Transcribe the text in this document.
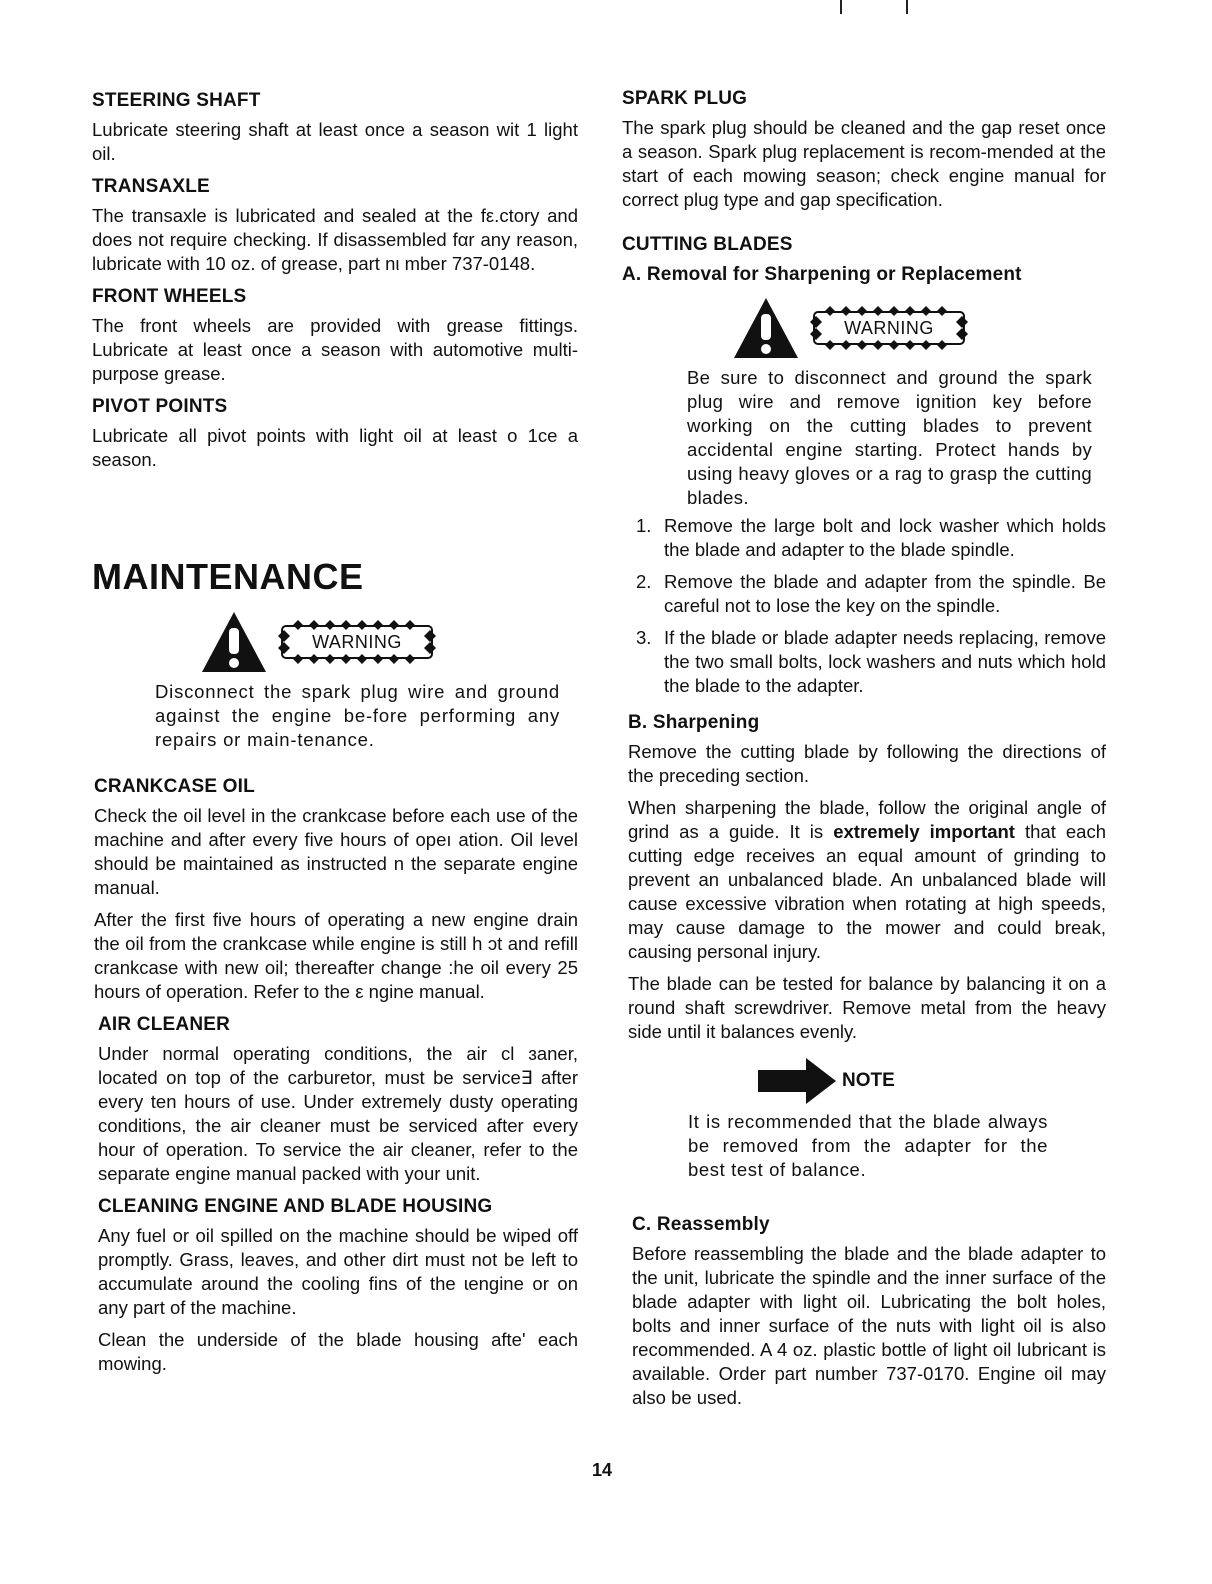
STEERING SHAFT

Lubricate steering shaft at least once a season wit 1 light oil.

TRANSAXLE

The transaxle is lubricated and sealed at the fε.ctory and does not require checking. If disassembled fαr any reason, lubricate with 10 oz. of grease, part nι mber 737-0148.

FRONT WHEELS

The front wheels are provided with grease fittings. Lubricate at least once a season with automotive multi-purpose grease.

PIVOT POINTS

Lubricate all pivot points with light oil at least o 1ce a season.

MAINTENANCE
WARNING

Disconnect the spark plug wire and ground against the engine be-fore performing any repairs or main-tenance.

CRANKCASE OIL

Check the oil level in the crankcase before each use of the machine and after every five hours of opeı ation. Oil level should be maintained as instructed n the separate engine manual.

After the first five hours of operating a new engine drain the oil from the crankcase while engine is still h ɔt and refill crankcase with new oil; thereafter change :he oil every 25 hours of operation. Refer to the ε ngine manual.

AIR CLEANER

Under normal operating conditions, the air cl ɜaner, located on top of the carburetor, must be service∃ after every ten hours of use. Under extremely dusty operating conditions, the air cleaner must be serviced after every hour of operation. To service the air cleaner, refer to the separate engine manual packed with your unit.

CLEANING ENGINE AND BLADE HOUSING

Any fuel or oil spilled on the machine should be wiped off promptly. Grass, leaves, and other dirt must not be left to accumulate around the cooling fins of the ɩengine or on any part of the machine.

Clean the underside of the blade housing afte' each mowing.

SPARK PLUG

The spark plug should be cleaned and the gap reset once a season. Spark plug replacement is recom-mended at the start of each mowing season; check engine manual for correct plug type and gap specification.

CUTTING BLADES
A. Removal for Sharpening or Replacement
WARNING

Be sure to disconnect and ground the spark plug wire and remove ignition key before working on the cutting blades to prevent accidental engine starting. Protect hands by using heavy gloves or a rag to grasp the cutting blades.

1. Remove the large bolt and lock washer which holds the blade and adapter to the blade spindle.
2. Remove the blade and adapter from the spindle. Be careful not to lose the key on the spindle.
3. If the blade or blade adapter needs replacing, remove the two small bolts, lock washers and nuts which hold the blade to the adapter.
B. Sharpening

Remove the cutting blade by following the directions of the preceding section.

When sharpening the blade, follow the original angle of grind as a guide. It is extremely important that each cutting edge receives an equal amount of grinding to prevent an unbalanced blade. An unbalanced blade will cause excessive vibration when rotating at high speeds, may cause damage to the mower and could break, causing personal injury.

The blade can be tested for balance by balancing it on a round shaft screwdriver. Remove metal from the heavy side until it balances evenly.

NOTE

It is recommended that the blade always be removed from the adapter for the best test of balance.

C. Reassembly

Before reassembling the blade and the blade adapter to the unit, lubricate the spindle and the inner surface of the blade adapter with light oil. Lubricating the bolt holes, bolts and inner surface of the nuts with light oil is also recommended. A 4 oz. plastic bottle of light oil lubricant is available. Order part number 737-0170. Engine oil may also be used.

14
